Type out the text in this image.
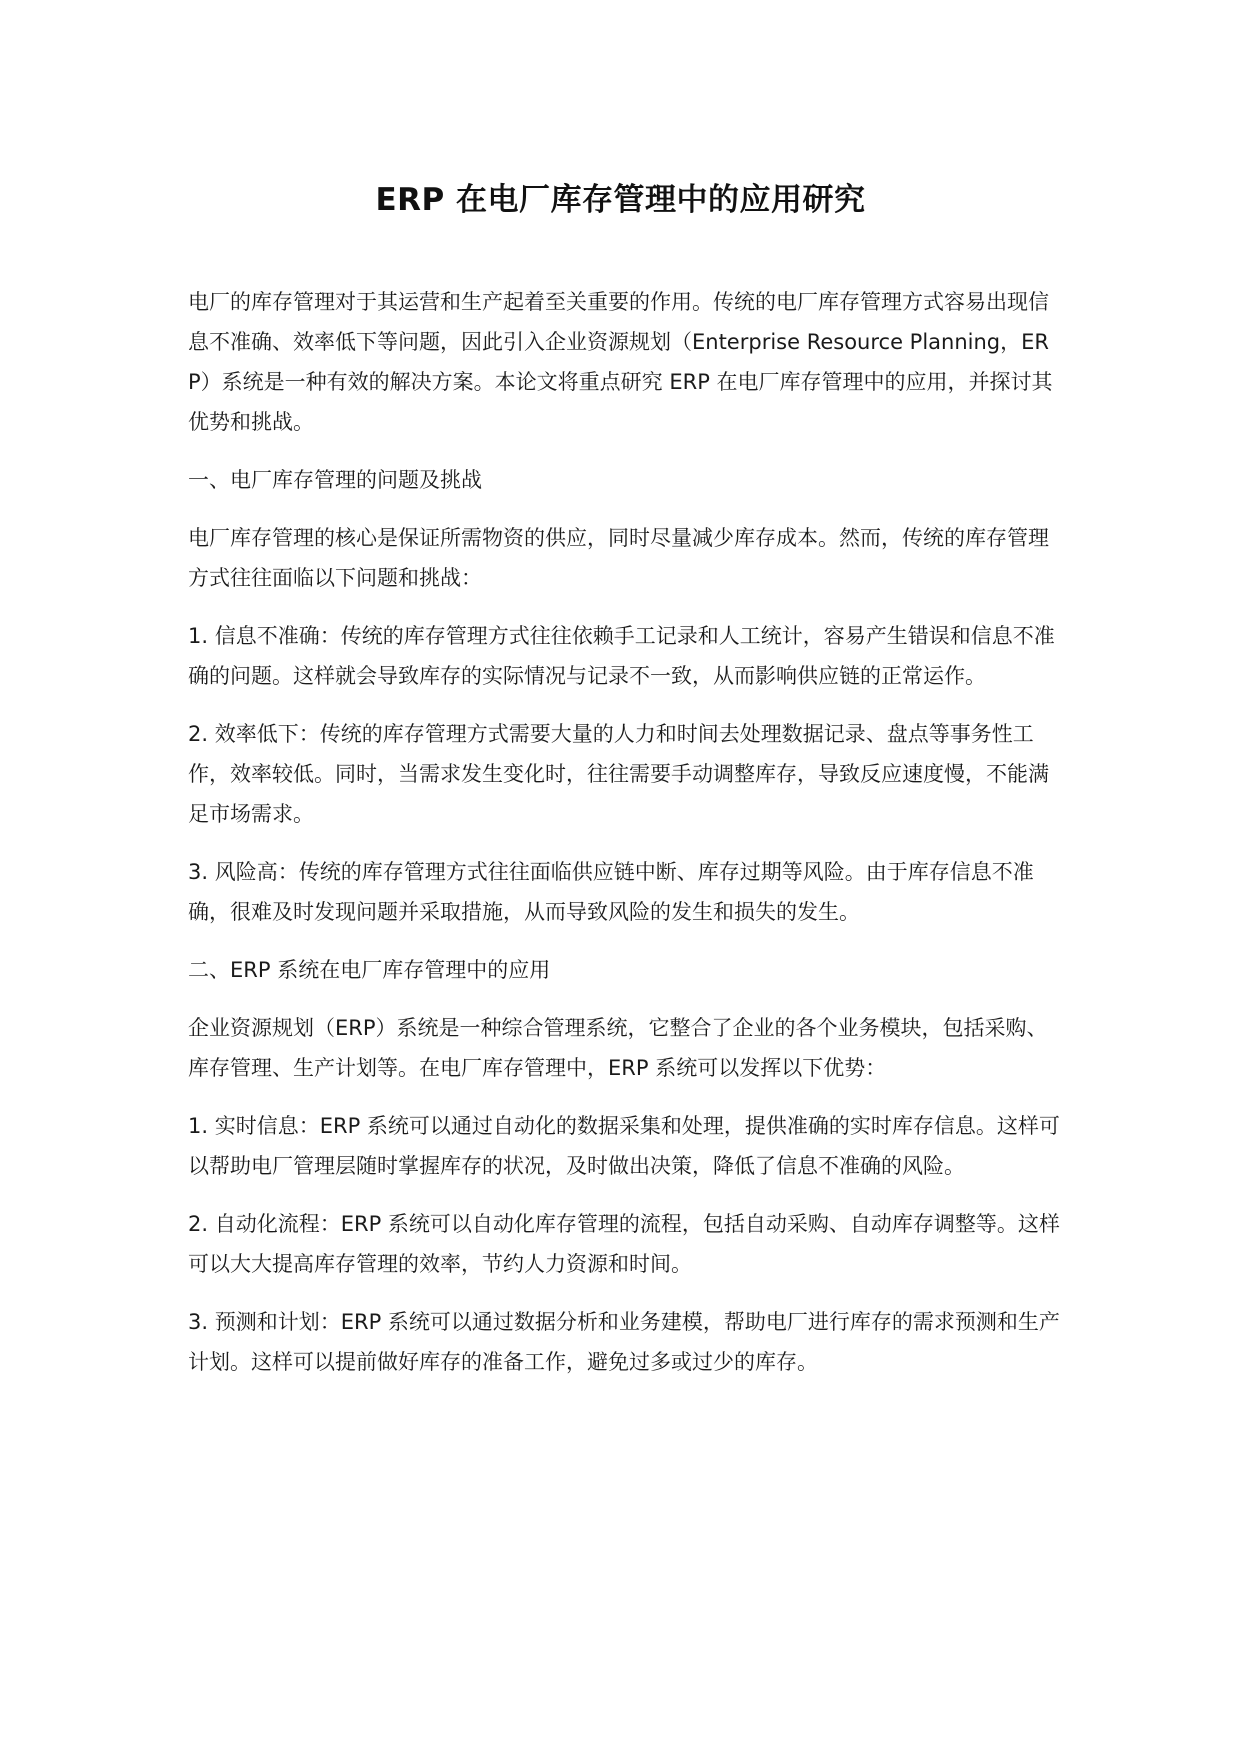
ERP 在电厂库存管理中的应用研究

电厂的库存管理对于其运营和生产起着至关重要的作用。传统的电厂库存管理方式容易出现信息不准确、效率低下等问题，因此引入企业资源规划（Enterprise Resource Planning，ERP）系统是一种有效的解决方案。本论文将重点研究 ERP 在电厂库存管理中的应用，并探讨其优势和挑战。

一、电厂库存管理的问题及挑战

电厂库存管理的核心是保证所需物资的供应，同时尽量减少库存成本。然而，传统的库存管理方式往往面临以下问题和挑战：

1. 信息不准确：传统的库存管理方式往往依赖手工记录和人工统计，容易产生错误和信息不准确的问题。这样就会导致库存的实际情况与记录不一致，从而影响供应链的正常运作。

2. 效率低下：传统的库存管理方式需要大量的人力和时间去处理数据记录、盘点等事务性工作，效率较低。同时，当需求发生变化时，往往需要手动调整库存，导致反应速度慢，不能满足市场需求。

3. 风险高：传统的库存管理方式往往面临供应链中断、库存过期等风险。由于库存信息不准确，很难及时发现问题并采取措施，从而导致风险的发生和损失的发生。

二、ERP 系统在电厂库存管理中的应用

企业资源规划（ERP）系统是一种综合管理系统，它整合了企业的各个业务模块，包括采购、库存管理、生产计划等。在电厂库存管理中，ERP 系统可以发挥以下优势：

1. 实时信息：ERP 系统可以通过自动化的数据采集和处理，提供准确的实时库存信息。这样可以帮助电厂管理层随时掌握库存的状况，及时做出决策，降低了信息不准确的风险。

2. 自动化流程：ERP 系统可以自动化库存管理的流程，包括自动采购、自动库存调整等。这样可以大大提高库存管理的效率，节约人力资源和时间。

3. 预测和计划：ERP 系统可以通过数据分析和业务建模，帮助电厂进行库存的需求预测和生产计划。这样可以提前做好库存的准备工作，避免过多或过少的库存。
